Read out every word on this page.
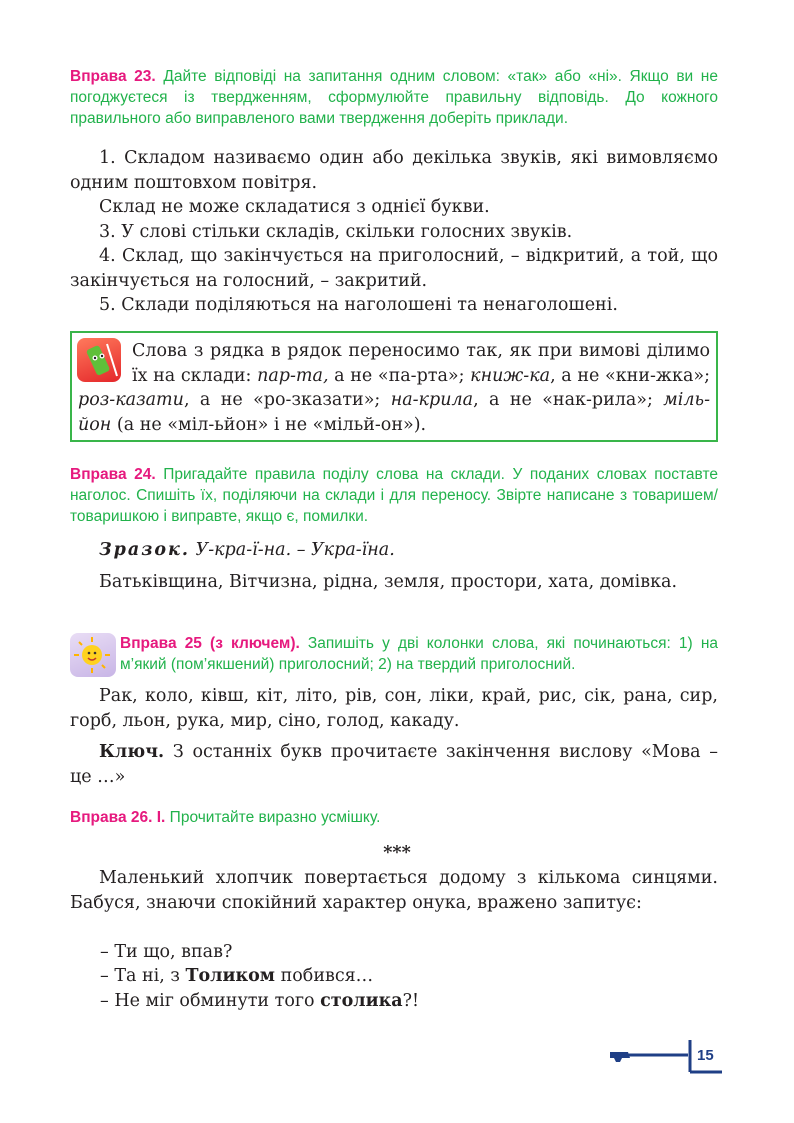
Вправа 23. Дайте відповіді на запитання одним словом: «так» або «ні». Якщо ви не погоджуєтеся із твердженням, сформулюйте правильну відповідь. До кожного правильного або виправленого вами твердження доберіть приклади.

1. Складом називаємо один або декілька звуків, які вимовляємо одним поштовхом повітря.

Склад не може складатися з однієї букви.

3. У слові стільки складів, скільки голосних звуків.

4. Склад, що закінчується на приголосний, – відкритий, а той, що закінчується на голосний, – закритий.

5. Склади поділяються на наголошені та ненаголошені.

Слова з рядка в рядок переносимо так, як при вимові ділимо їх на склади: пар-та, а не «па-рта»; книж-ка, а не «кни-жка»; роз-казати, а не «ро-зказати»; на-крила, а не «нак-рила»; міль- йон (а не «міл-ьйон» і не «мільй-он»).
Вправа 24. Пригадайте правила поділу слова на склади. У поданих словах поставте наголос. Спишіть їх, поділяючи на склади і для переносу. Звірте написане з товаришем/товаришкою і виправте, якщо є, помилки.

Зразок. У-кра-ї-на. – Укра-їна.

Батьківщина, Вітчизна, рідна, земля, простори, хата, домівка.

Вправа 25 (з ключем). Запишіть у дві колонки слова, які починаються: 1) на м’який (пом’якшений) приголосний; 2) на твердий приголосний.

Рак, коло, ківш, кіт, літо, рів, сон, ліки, край, рис, сік, рана, сир, горб, льон, рука, мир, сіно, голод, какаду.

Ключ. З останніх букв прочитаєте закінчення вислову «Мова – це …»

Вправа 26. І. Прочитайте виразно усмішку.
***

Маленький хлопчик повертається додому з кількома синцями. Бабуся, знаючи спокійний характер онука, вражено запитує:

– Ти що, впав?
– Та ні, з Толиком побився…
– Не міг обминути того столика?!
15
